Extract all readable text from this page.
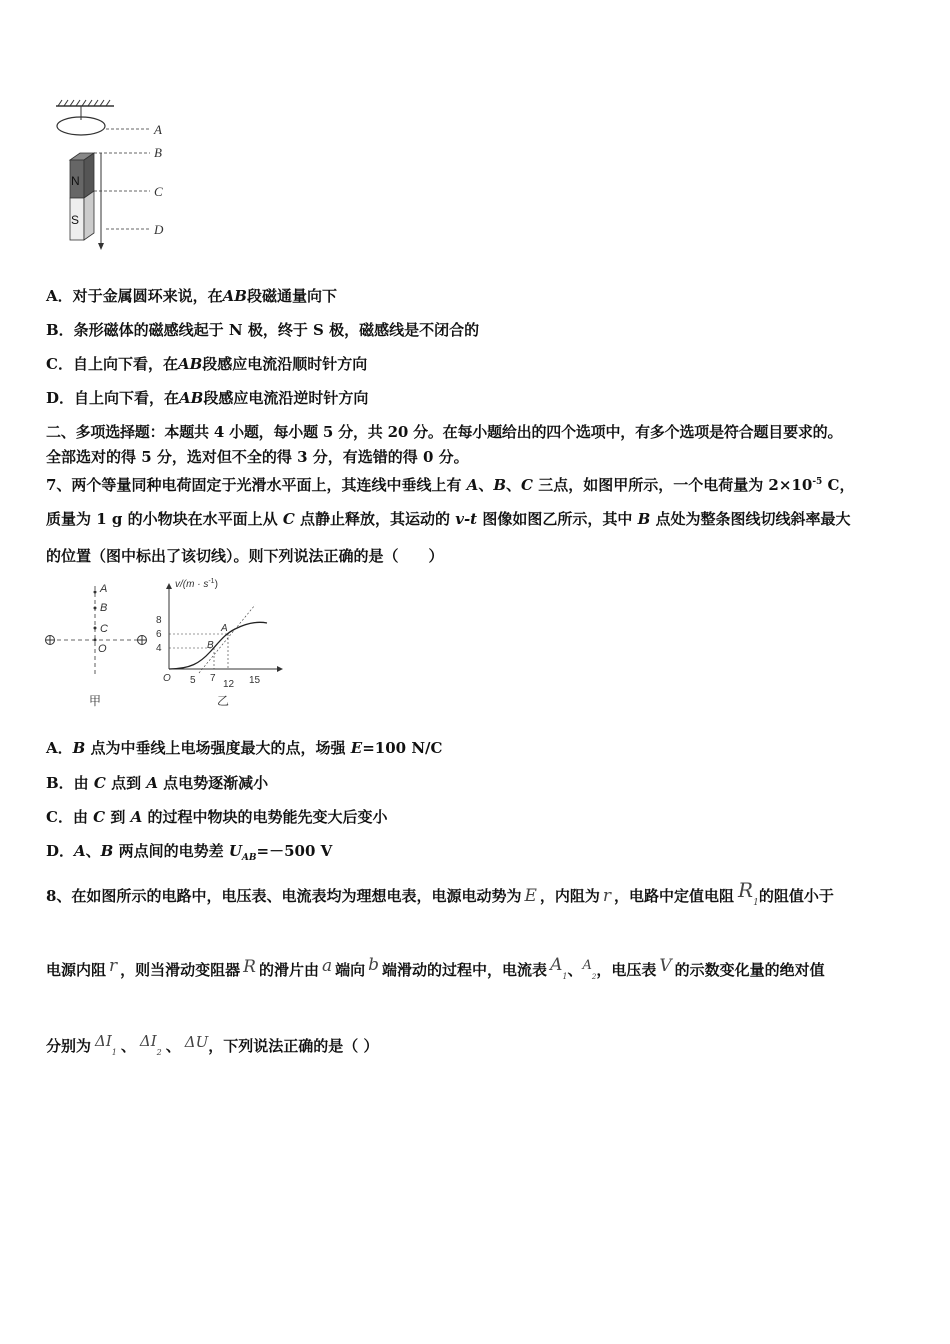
A
B
N
S
C
D
A．对于金属圆环来说，在AB段磁通量向下
B．条形磁体的磁感线起于 N 极，终于 S 极，磁感线是不闭合的
C．自上向下看，在AB段感应电流沿顺时针方向
D．自上向下看，在AB段感应电流沿逆时针方向
二、多项选择题：本题共 4 小题，每小题 5 分，共 20 分。在每小题给出的四个选项中，有多个选项是符合题目要求的。
全部选对的得 5 分，选对但不全的得 3 分，有选错的得 0 分。
7、两个等量同种电荷固定于光滑水平面上，其连线中垂线上有 A、B、C 三点，如图甲所示，一个电荷量为 $2\times 10^{-5}$ C，
质量为 1 g 的小物块在水平面上从 C 点静止释放，其运动的 v-t 图像如图乙所示，其中 B 点处为整条图线切线斜率最大
的位置（图中标出了该切线）。则下列说法正确的是（　　）
A
B
C
O
甲
$v/(m \cdot s^{-1})$
8
6
4
A
B
O 5 7
12 15
乙
A．B 点为中垂线上电场强度最大的点，场强 E=100 N/C
B．由 C 点到 A 点电势逐渐减小
C．由 C 到 A 的过程中物块的电势能先变大后变小
D．A、B 两点间的电势差 $U_{AB}=-500$ V
8、在如图所示的电路中，电压表、电流表均为理想电表，电源电动势为 E ，内阻为 r ，电路中定值电阻 $R_1$的阻值小于
电源内阻 r ，则当滑动变阻器 R 的滑片由 a 端向 b 端滑动的过程中，电流表 $A_1$、$A_2$，电压表 V 的示数变化量的绝对值
分别为 $\Delta I_1$ 、 $\Delta I_2$ 、 ΔU，下列说法正确的是（ ）
